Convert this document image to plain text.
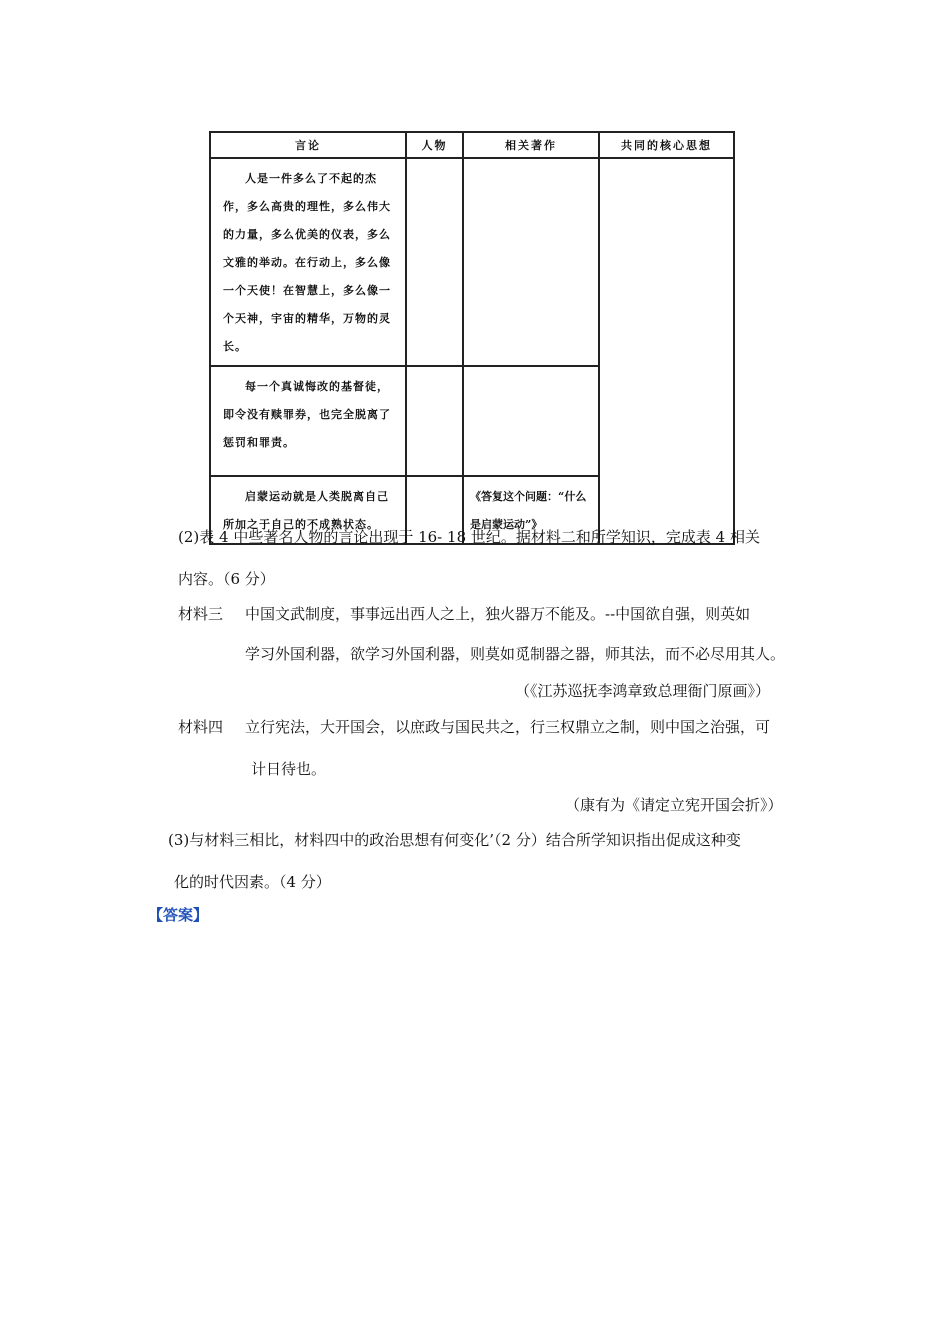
言论	人物	相关著作	共同的核心思想
人是一件多么了不起的杰作，多么高贵的理性，多么伟大的力量，多么优美的仪表，多么文雅的举动。在行动上，多么像一个天使！在智慧上，多么像一个天神，宇宙的精华，万物的灵长。			
每一个真诚悔改的基督徒，即令没有赎罪券，也完全脱离了惩罚和罪责。			
启蒙运动就是人类脱离自己所加之于自己的不成熟状态。		《答复这个问题：“什么是启蒙运动”》	
(2)表 4 中些著名人物的言论出现于 16- 18 世纪。据材料二和所学知识，完成表 4 相关
内容。（6 分）
材料三 中国文武制度，事事远出西人之上，独火器万不能及。--中国欲自强，则英如
学习外国利器，欲学习外国利器，则莫如觅制器之器，师其法，而不必尽用其人。
（《江苏巡抚李鸿章致总理衙门原画》）
材料四 立行宪法，大开国会，以庶政与国民共之，行三权鼎立之制，则中国之治强，可
计日待也。
（康有为《请定立宪开国会折》）
(3)与材料三相比，材料四中的政治思想有何变化’（2 分）结合所学知识指出促成这种变
化的时代因素。（4 分）
【答案】
